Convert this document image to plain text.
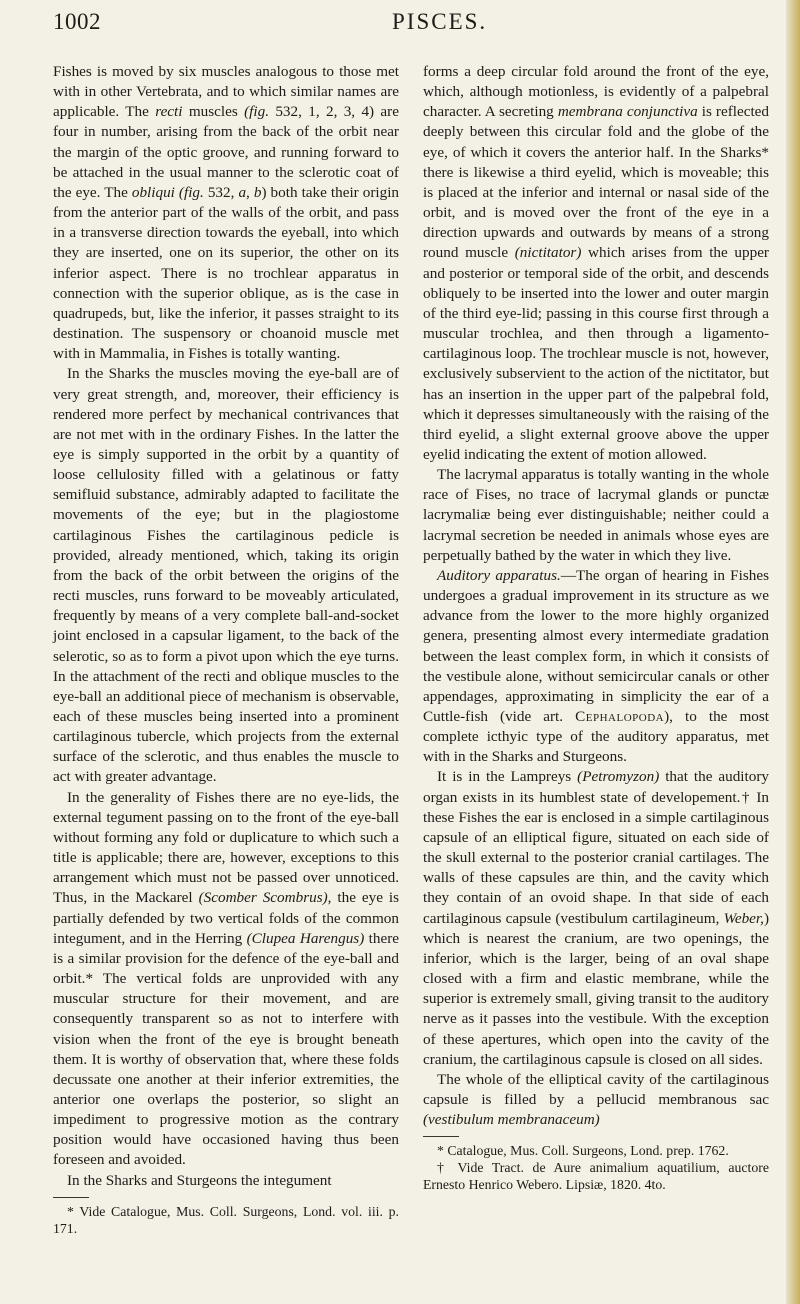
1002	PISCES.

Fishes is moved by six muscles analogous to those met with in other Vertebrata, and to which similar names are applicable. The recti muscles (fig. 532, 1, 2, 3, 4) are four in number, arising from the back of the orbit near the margin of the optic groove, and running forward to be attached in the usual manner to the sclerotic coat of the eye. The obliqui (fig. 532, a, b) both take their origin from the anterior part of the walls of the orbit, and pass in a transverse direction towards the eyeball, into which they are inserted, one on its superior, the other on its inferior aspect. There is no trochlear apparatus in connection with the superior oblique, as is the case in quadrupeds, but, like the inferior, it passes straight to its destination. The suspensory or choanoid muscle met with in Mammalia, in Fishes is totally wanting.

In the Sharks the muscles moving the eye-ball are of very great strength, and, moreover, their efficiency is rendered more perfect by mechanical contrivances that are not met with in the ordinary Fishes. In the latter the eye is simply supported in the orbit by a quantity of loose cellulosity filled with a gelatinous or fatty semifluid substance, admirably adapted to facilitate the movements of the eye; but in the plagiostome cartilaginous Fishes the cartilaginous pedicle is provided, already mentioned, which, taking its origin from the back of the orbit between the origins of the recti muscles, runs forward to be moveably articulated, frequently by means of a very complete ball-and-socket joint enclosed in a capsular ligament, to the back of the selerotic, so as to form a pivot upon which the eye turns. In the attachment of the recti and oblique muscles to the eye-ball an additional piece of mechanism is observable, each of these muscles being inserted into a prominent cartilaginous tubercle, which projects from the external surface of the sclerotic, and thus enables the muscle to act with greater advantage.

In the generality of Fishes there are no eye-lids, the external tegument passing on to the front of the eye-ball without forming any fold or duplicature to which such a title is applicable; there are, however, exceptions to this arrangement which must not be passed over unnoticed. Thus, in the Mackarel (Scomber Scombrus), the eye is partially defended by two vertical folds of the common integument, and in the Herring (Clupea Harengus) there is a similar provision for the defence of the eye-ball and orbit.* The vertical folds are unprovided with any muscular structure for their movement, and are consequently transparent so as not to interfere with vision when the front of the eye is brought beneath them. It is worthy of observation that, where these folds decussate one another at their inferior extremities, the anterior one overlaps the posterior, so slight an impediment to progressive motion as the contrary position would have occasioned having thus been foreseen and avoided.

In the Sharks and Sturgeons the integument

* Vide Catalogue, Mus. Coll. Surgeons, Lond. vol. iii. p. 171.

forms a deep circular fold around the front of the eye, which, although motionless, is evidently of a palpebral character. A secreting membrana conjunctiva is reflected deeply between this circular fold and the globe of the eye, of which it covers the anterior half. In the Sharks* there is likewise a third eyelid, which is moveable; this is placed at the inferior and internal or nasal side of the orbit, and is moved over the front of the eye in a direction upwards and outwards by means of a strong round muscle (nictitator) which arises from the upper and posterior or temporal side of the orbit, and descends obliquely to be inserted into the lower and outer margin of the third eye-lid; passing in this course first through a muscular trochlea, and then through a ligamento-cartilaginous loop. The trochlear muscle is not, however, exclusively subservient to the action of the nictitator, but has an insertion in the upper part of the palpebral fold, which it depresses simultaneously with the raising of the third eyelid, a slight external groove above the upper eyelid indicating the extent of motion allowed.

The lacrymal apparatus is totally wanting in the whole race of Fises, no trace of lacrymal glands or punctæ lacrymaliæ being ever distinguishable; neither could a lacrymal secretion be needed in animals whose eyes are perpetually bathed by the water in which they live.

Auditory apparatus.—The organ of hearing in Fishes undergoes a gradual improvement in its structure as we advance from the lower to the more highly organized genera, presenting almost every intermediate gradation between the least complex form, in which it consists of the vestibule alone, without semicircular canals or other appendages, approximating in simplicity the ear of a Cuttle-fish (vide art. Cephalopoda), to the most complete icthyic type of the auditory apparatus, met with in the Sharks and Sturgeons.

It is in the Lampreys (Petromyzon) that the auditory organ exists in its humblest state of developement.† In these Fishes the ear is enclosed in a simple cartilaginous capsule of an elliptical figure, situated on each side of the skull external to the posterior cranial cartilages. The walls of these capsules are thin, and the cavity which they contain of an ovoid shape. In that side of each cartilaginous capsule (vestibulum cartilagineum, Weber,) which is nearest the cranium, are two openings, the inferior, which is the larger, being of an oval shape closed with a firm and elastic membrane, while the superior is extremely small, giving transit to the auditory nerve as it passes into the vestibule. With the exception of these apertures, which open into the cavity of the cranium, the cartilaginous capsule is closed on all sides.

The whole of the elliptical cavity of the cartilaginous capsule is filled by a pellucid membranous sac (vestibulum membranaceum)

* Catalogue, Mus. Coll. Surgeons, Lond. prep. 1762.

† Vide Tract. de Aure animalium aquatilium, auctore Ernesto Henrico Webero. Lipsiæ, 1820. 4to.
